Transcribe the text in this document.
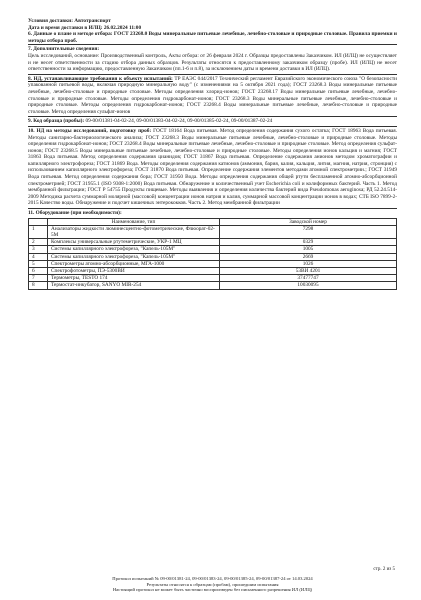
Условия доставки: Автотранспорт

Дата и время доставки в ИЛЦ: 26.02.2024 11:00

6. Данные о плане и методе отбора: ГОСТ 23268.0 Воды минеральные питьевые лечебные, лечебно-столовые и природные столовые. Правила приемки и методы отбора проб.

7. Дополнительные сведения:

Цель исследований, основание: Производственный контроль, Акты отбора: от 26 февраля 2024 г. Образцы предоставлены Заказчиком. ИЛ (ИЛЦ) не осуществляет и не несет ответственности за стадию отбора данных образцов. Результаты относятся к предоставленному заказчиком образцу (пробе). ИЛ (ИЛЦ) не несет ответственности за информацию, предоставленную Заказчиком (пп.1-6 и п.8), за исключением даты и времени доставки в ИЛ (ИЛЦ).

8. НД, устанавливающие требования к объекту испытаний: ТР ЕАЭС 044/2017 Технический регламент Евразийского экономического союза "О безопасности упакованной питьевой воды, включая природную минеральную воду" (с изменениями на 5 октября 2021 года); ГОСТ 23268.3 Воды минеральные питьевые лечебные, лечебно-столовые и природные столовые. Методы определения хлорид-ионов; ГОСТ 23268.17 Воды минеральные питьевые лечебные, лечебно-столовые и природные столовые. Методы определения гидрокарбонат-ионов; ГОСТ 23268.3 Воды минеральные питьевые лечебные, лечебно-столовые и природные столовые. Методы определения гидрокарбонат-ионов; ГОСТ 23268.4 Воды минеральные питьевые лечебные, лечебно-столовые и природные столовые. Метод определения сульфат-ионов

9. Код образца (пробы): 09-00/01381-04-02-24, 09-00/01383-04-02-24, 09-00/01385-02-24, 09-00/01387-02-24

10. НД на методы исследований, подготовку проб: ГОСТ 18164 Вода питьевая. Метод определения содержания сухого остатка; ГОСТ 18963 Вода питьевая. Методы санитарно-бактериологического анализа; ГОСТ 23268.3 Воды минеральные питьевые лечебные, лечебно-столовые и природные столовые. Методы определения гидрокарбонат-ионов; ГОСТ 23268.4 Воды минеральные питьевые лечебные, лечебно-столовые и природные столовые. Метод определения сульфат-ионов; ГОСТ 23268.5 Воды минеральные питьевые лечебные, лечебно-столовые и природные столовые. Методы определения ионов кальция и магния; ГОСТ 31863 Вода питьевая. Метод определения содержания цианидов; ГОСТ 31867 Вода питьевая. Определение содержания анионов методом хроматографии и капиллярного электрофореза; ГОСТ 31869 Вода. Методы определения содержания катионов (аммония, бария, калия, кальция, лития, магния, натрия, стронция) с использованием капиллярного электрофореза; ГОСТ 31870 Вода питьевая. Определение содержания элементов методами атомной спектрометрии.; ГОСТ 31949 Вода питьевая. Метод определения содержания бора; ГОСТ 31950 Вода. Методы определения содержания общей ртути беспламенной атомно-абсорбционной спектрометрией; ГОСТ 31955.1 (ISO 9308-1:2000) Вода питьевая. Обнаружение и количественный учет Escherichia coli и колиформных бактерий. Часть 1. Метод мембранной фильтрации; ГОСТ Р 54755 Продукты пищевые. Методы выявления и определения количества бактерий вида Pseudomonas aeruginosa; РД 52.24.514-2009 Методика расчета суммарной молярной (массовой) концентрации ионов натрия и калия, суммарной массовой концентрации ионов в водах; СТБ ISO 7899-2-2015 Качество воды. Обнаружение и подсчет кишечных энтерококков. Часть 2. Метод мембранной фильтрации

11. Оборудование (при необходимости):

	Наименование, тип	Заводской номер
1	Анализаторы жидкости люминесцентно-фотометрические, Флюорат-02-5М	7298
2	Комплексы универсальные ртутеметрические, УКР-1 МЦ	0329
3	Системы капиллярного электрофореза, "Капель-105М"	1005
4	Системы капиллярного электрофореза, "Капель-105М"	2669
5	Спектрометры атомно-абсорбционные, МГА-1000	1026
6	Спектрофотометры, ПЭ-5300ВИ	53ВИ 4201
7	Термометры, TESTO 174	37477747
8	Термостат-инкубатор, SANYO MIR-254	10030095
стр. 2 из 5
Протокол испытаний № 09-00/01381-24, 09-00/01383-24, 09-00/01385-24, 09-00/01387-24 от 14.03.2024
Результаты относятся к образцам (пробам), прошедшим испытания
Настоящий протокол не может быть частично воспроизведен без письменного разрешения ИЛ (ИЛЦ)
